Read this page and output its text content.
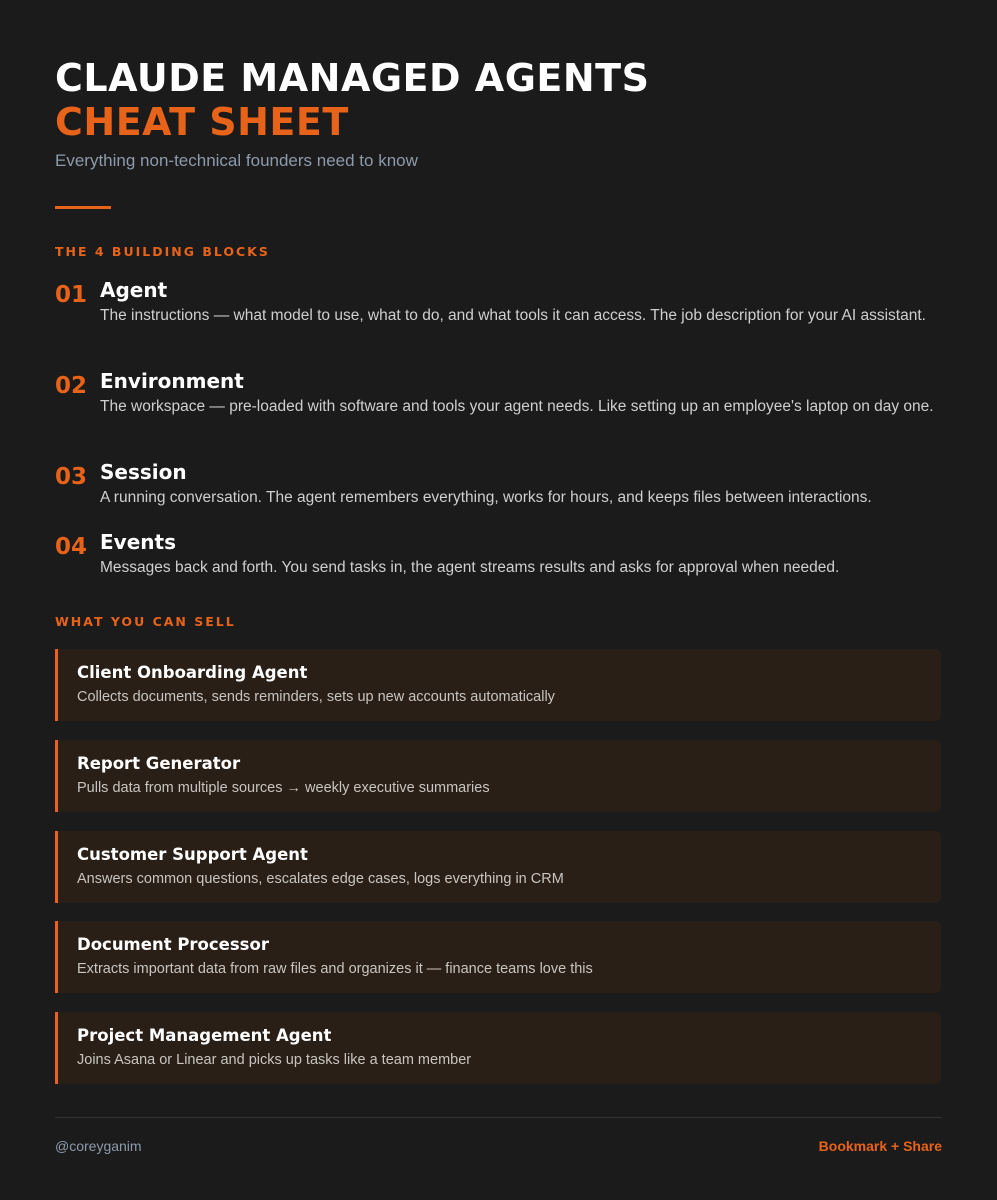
CLAUDE MANAGED AGENTS
CHEAT SHEET
Everything non-technical founders need to know
THE 4 BUILDING BLOCKS
01 Agent
The instructions — what model to use, what to do, and what tools it can access. The job description for your AI assistant.
02 Environment
The workspace — pre-loaded with software and tools your agent needs. Like setting up an employee's laptop on day one.
03 Session
A running conversation. The agent remembers everything, works for hours, and keeps files between interactions.
04 Events
Messages back and forth. You send tasks in, the agent streams results and asks for approval when needed.
WHAT YOU CAN SELL
Client Onboarding Agent
Collects documents, sends reminders, sets up new accounts automatically
Report Generator
Pulls data from multiple sources → weekly executive summaries
Customer Support Agent
Answers common questions, escalates edge cases, logs everything in CRM
Document Processor
Extracts important data from raw files and organizes it — finance teams love this
Project Management Agent
Joins Asana or Linear and picks up tasks like a team member
@coreyganim	Bookmark + Share
